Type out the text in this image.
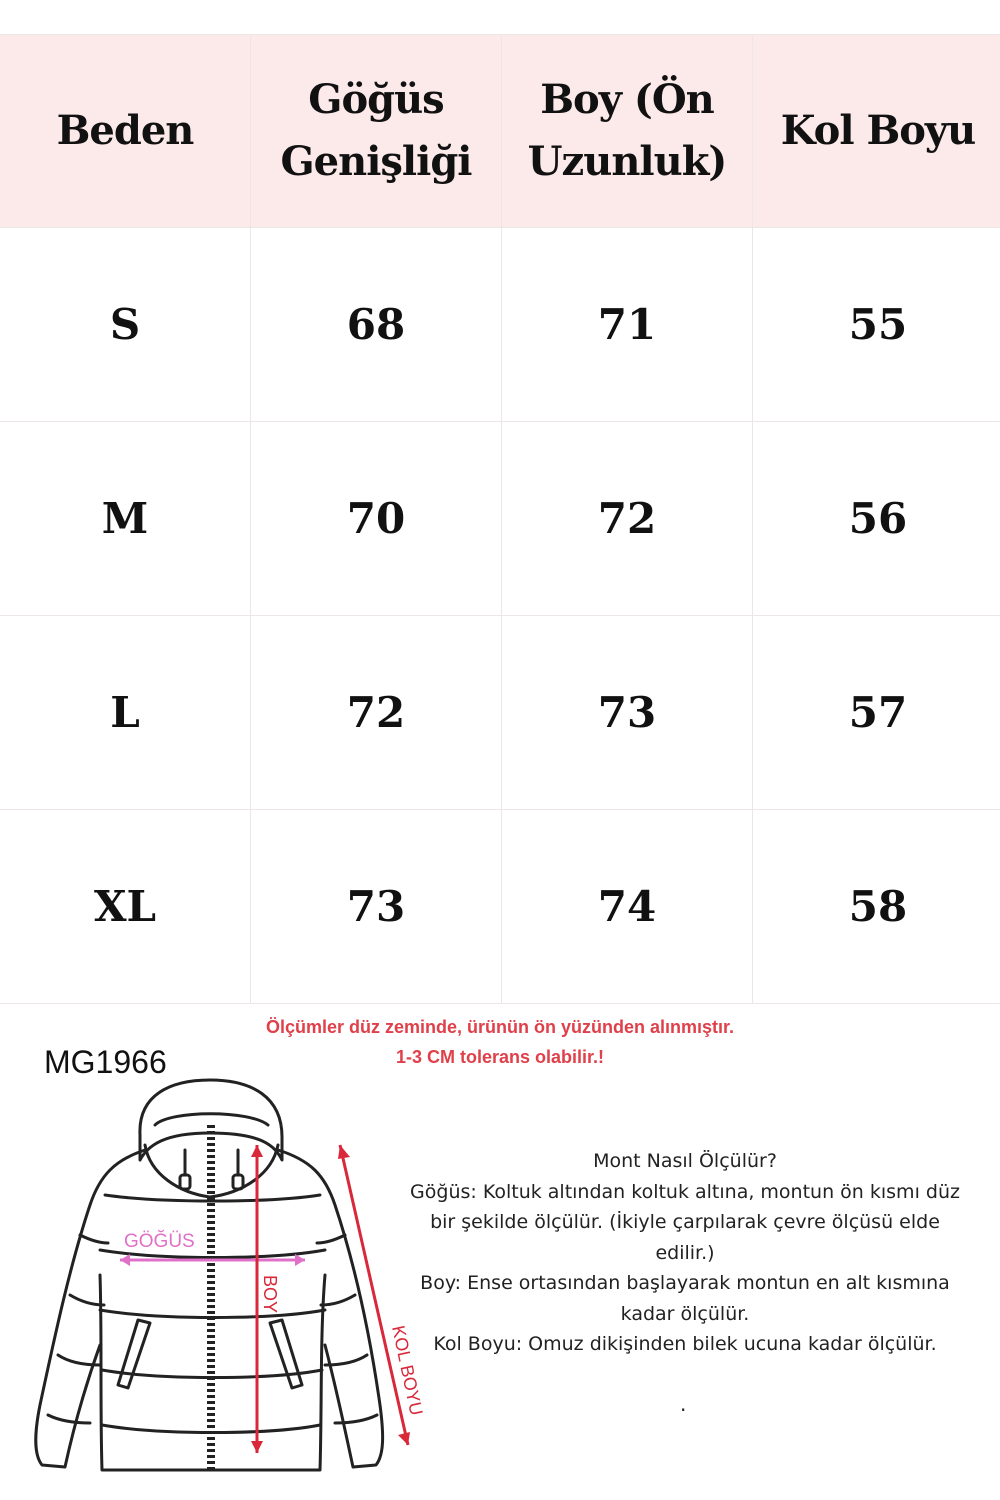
Beden	Göğüs Genişliği	Boy (Ön Uzunluk)	Kol Boyu
S	68	71	55
M	70	72	56
L	72	73	57
XL	73	74	58
Ölçümler düz zeminde, ürünün ön yüzünden alınmıştır.
1-3 CM tolerans olabilir.!
MG1966
GÖĞÜS
BOY
KOL BOYU

Mont Nasıl Ölçülür?

Göğüs: Koltuk altından koltuk altına, montun ön kısmı düz bir şekilde ölçülür. (İkiyle çarpılarak çevre ölçüsü elde edilir.)

Boy: Ense ortasından başlayarak montun en alt kısmına kadar ölçülür.

Kol Boyu: Omuz dikişinden bilek ucuna kadar ölçülür.

.
